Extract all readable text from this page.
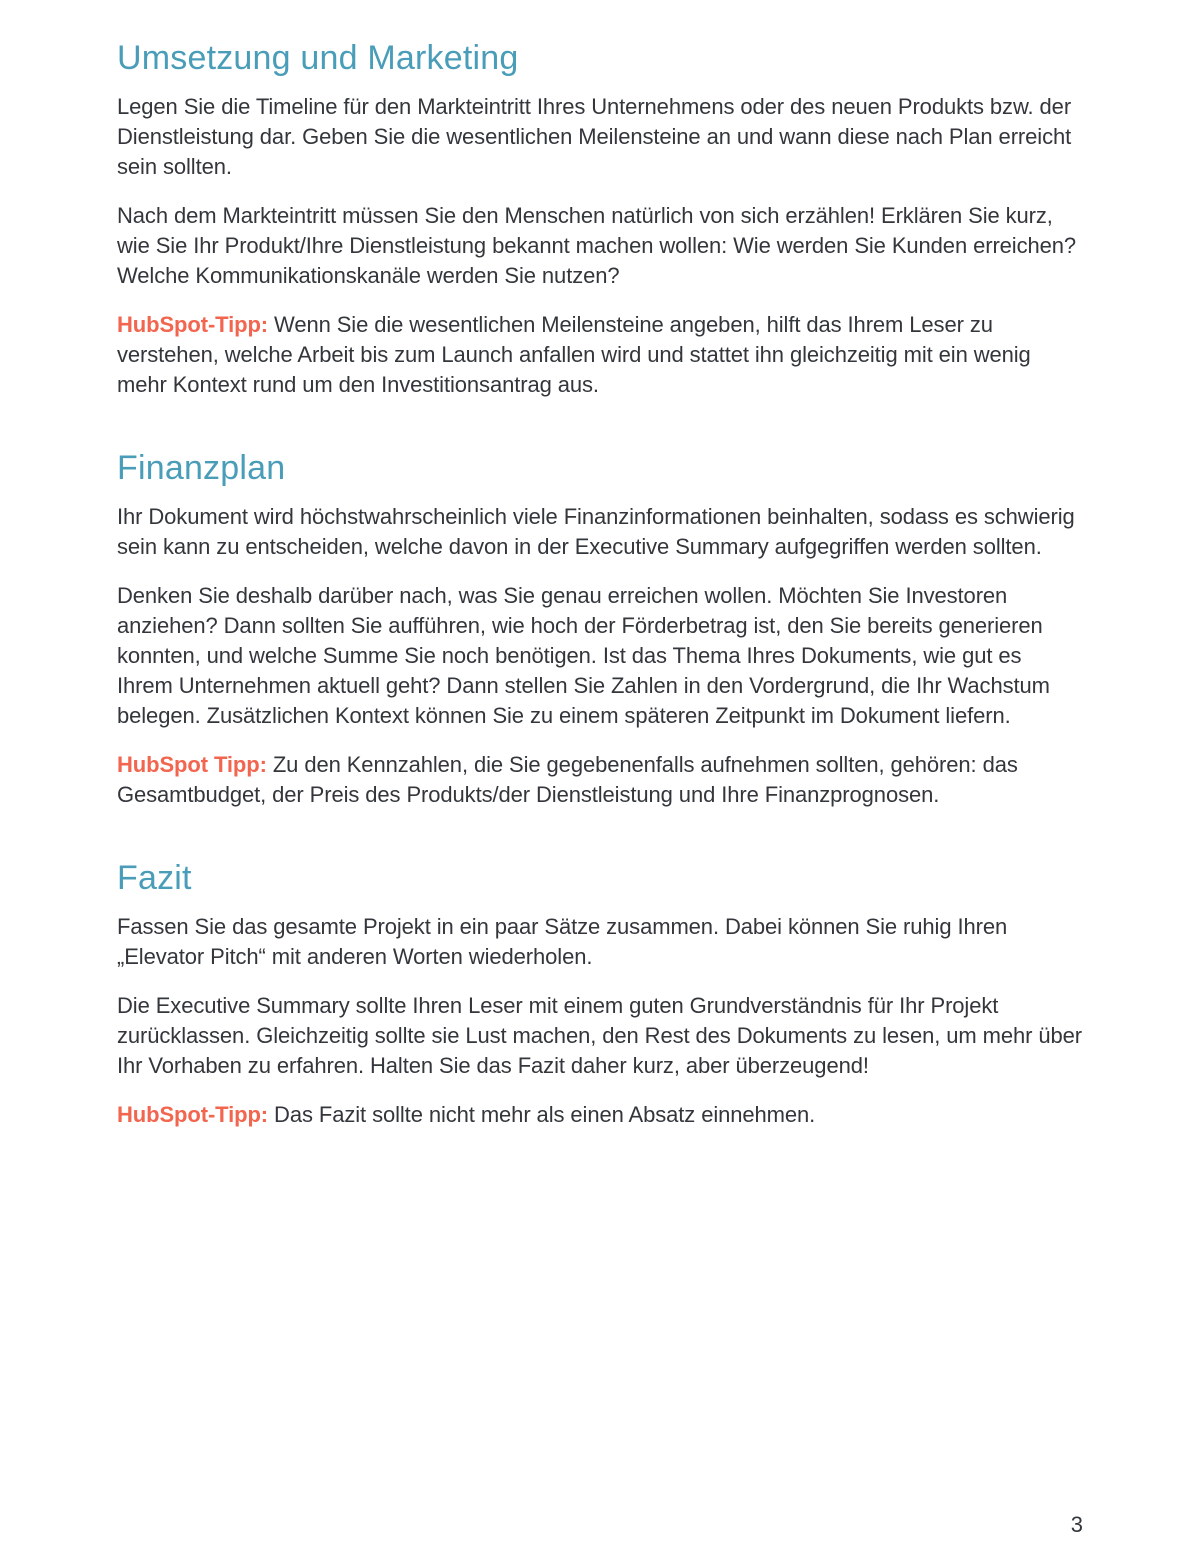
Umsetzung und Marketing

Legen Sie die Timeline für den Markteintritt Ihres Unternehmens oder des neuen Produkts bzw. der Dienstleistung dar. Geben Sie die wesentlichen Meilensteine an und wann diese nach Plan erreicht sein sollten.

Nach dem Markteintritt müssen Sie den Menschen natürlich von sich erzählen! Erklären Sie kurz, wie Sie Ihr Produkt/Ihre Dienstleistung bekannt machen wollen: Wie werden Sie Kunden erreichen? Welche Kommunikationskanäle werden Sie nutzen?

HubSpot-Tipp: Wenn Sie die wesentlichen Meilensteine angeben, hilft das Ihrem Leser zu verstehen, welche Arbeit bis zum Launch anfallen wird und stattet ihn gleichzeitig mit ein wenig mehr Kontext rund um den Investitionsantrag aus.

Finanzplan

Ihr Dokument wird höchstwahrscheinlich viele Finanzinformationen beinhalten, sodass es schwierig sein kann zu entscheiden, welche davon in der Executive Summary aufgegriffen werden sollten.

Denken Sie deshalb darüber nach, was Sie genau erreichen wollen. Möchten Sie Investoren anziehen? Dann sollten Sie aufführen, wie hoch der Förderbetrag ist, den Sie bereits generieren konnten, und welche Summe Sie noch benötigen. Ist das Thema Ihres Dokuments, wie gut es Ihrem Unternehmen aktuell geht? Dann stellen Sie Zahlen in den Vordergrund, die Ihr Wachstum belegen. Zusätzlichen Kontext können Sie zu einem späteren Zeitpunkt im Dokument liefern.

HubSpot Tipp: Zu den Kennzahlen, die Sie gegebenenfalls aufnehmen sollten, gehören: das Gesamtbudget, der Preis des Produkts/der Dienstleistung und Ihre Finanzprognosen.

Fazit

Fassen Sie das gesamte Projekt in ein paar Sätze zusammen. Dabei können Sie ruhig Ihren „Elevator Pitch“ mit anderen Worten wiederholen.

Die Executive Summary sollte Ihren Leser mit einem guten Grundverständnis für Ihr Projekt zurücklassen. Gleichzeitig sollte sie Lust machen, den Rest des Dokuments zu lesen, um mehr über Ihr Vorhaben zu erfahren. Halten Sie das Fazit daher kurz, aber überzeugend!

HubSpot-Tipp: Das Fazit sollte nicht mehr als einen Absatz einnehmen.

3
